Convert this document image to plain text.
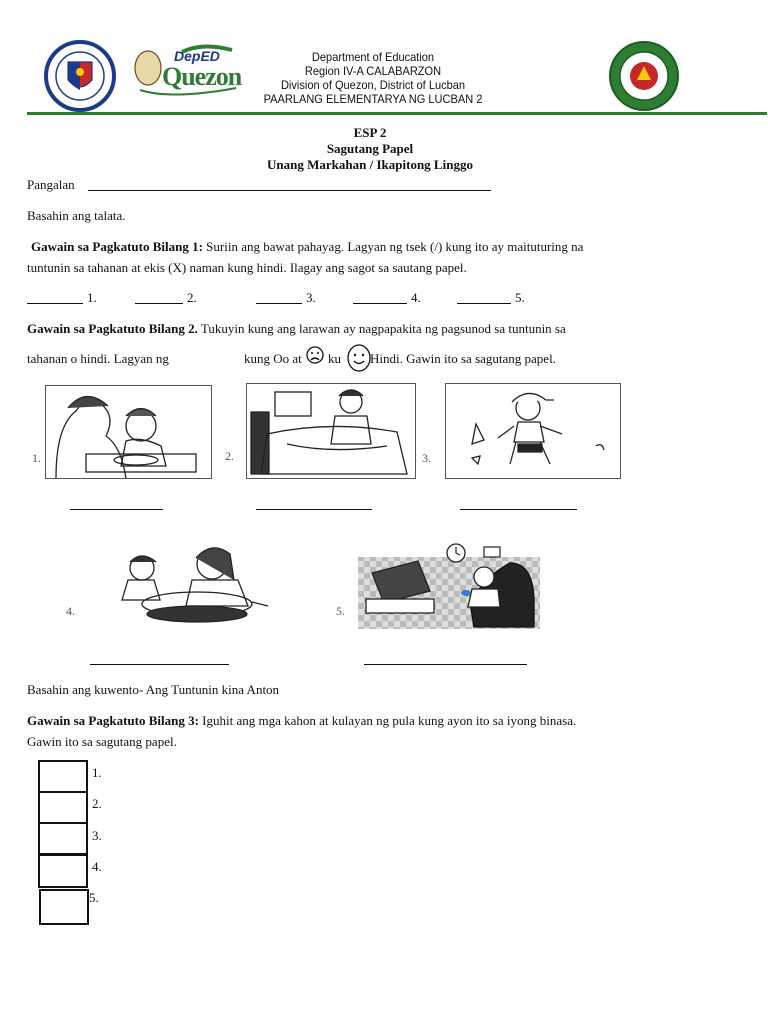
DepED
Quezon
Department of Education
Region IV-A CALABARZON
Division of Quezon, District of Lucban
PAARLANG ELEMENTARYA NG LUCBAN 2
ESP 2
Sagutang Papel
Unang Markahan / Ikapitong Linggo
Pangalan
Basahin ang talata.
Gawain sa Pagkatuto Bilang 1: Suriin ang bawat pahayag. Lagyan ng tsek (/) kung ito ay maituturing na
tuntunin sa tahanan at ekis (X) naman kung hindi. Ilagay ang sagot sa sautang papel.
1.	2.	3.	4.	5.
Gawain sa Pagkatuto Bilang 2. Tukuyin kung ang larawan ay nagpapakita ng pagsunod sa tuntunin sa
tahanan o hindi. Lagyan ng	kung Oo at ku Hindi. Gawin ito sa sagutang papel.
1.	2.	3.
4.	5.
Basahin ang kuwento- Ang Tuntunin kina Anton
Gawain sa Pagkatuto Bilang 3: Iguhit ang mga kahon at kulayan ng pula kung ayon ito sa iyong binasa.
Gawin ito sa sagutang papel.
1.
2.
3.
4.
5.
